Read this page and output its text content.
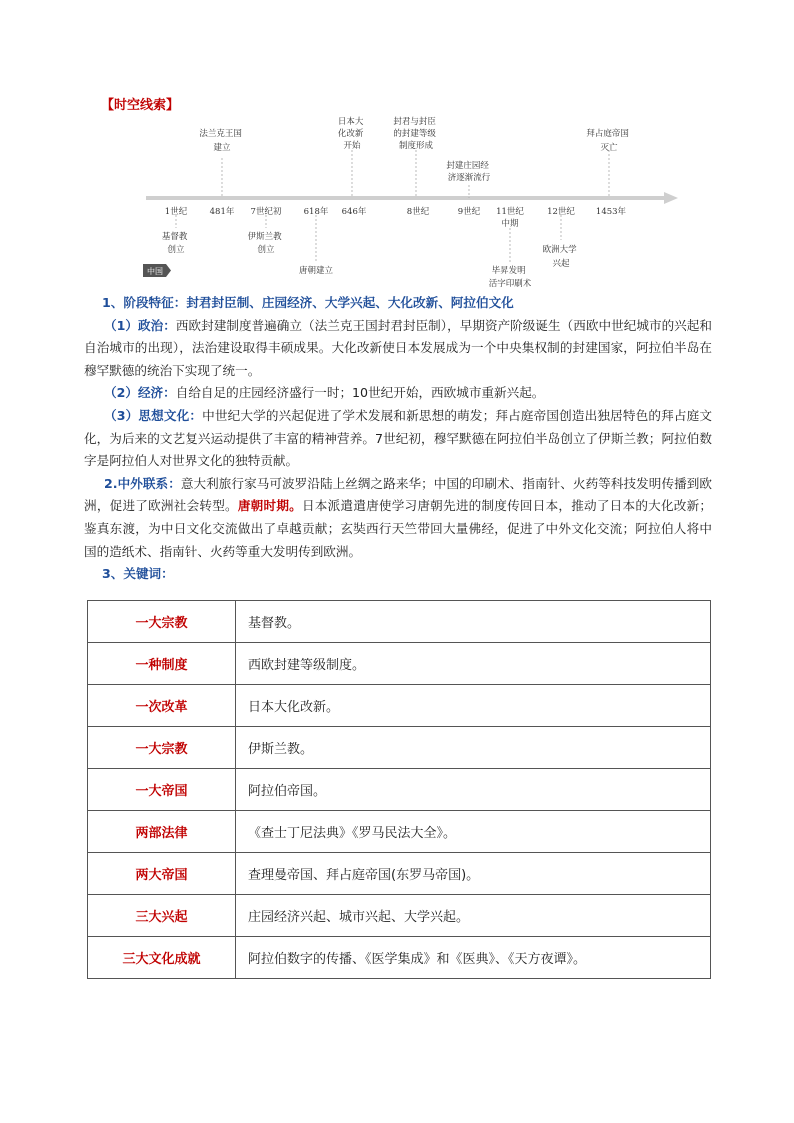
【时空线索】
法兰克王国 建立
日本大 化改新 开始
封君与封臣 的封建等级 制度形成
封建庄园经 济逐渐流行
拜占庭帝国 灭亡
1世纪	481年 7世纪初	618年 646年	8世纪	9世纪 11世纪
中期
12世纪 1453年
基督教 创立
伊斯兰教 创立
唐朝建立
欧洲大学 兴起
毕昇发明 活字印刷术
中国

1、阶段特征：封君封臣制、庄园经济、大学兴起、大化改新、阿拉伯文化

（1）政治：西欧封建制度普遍确立（法兰克王国封君封臣制），早期资产阶级诞生（西欧中世纪城市的兴起和自治城市的出现），法治建设取得丰硕成果。大化改新使日本发展成为一个中央集权制的封建国家，阿拉伯半岛在穆罕默德的统治下实现了统一。

（2）经济：自给自足的庄园经济盛行一时；10世纪开始，西欧城市重新兴起。

（3）思想文化：中世纪大学的兴起促进了学术发展和新思想的萌发；拜占庭帝国创造出独居特色的拜占庭文化，为后来的文艺复兴运动提供了丰富的精神营养。7世纪初，穆罕默德在阿拉伯半岛创立了伊斯兰教；阿拉伯数字是阿拉伯人对世界文化的独特贡献。

2.中外联系：意大利旅行家马可波罗沿陆上丝绸之路来华；中国的印刷术、指南针、火药等科技发明传播到欧洲，促进了欧洲社会转型。唐朝时期。日本派遣遣唐使学习唐朝先进的制度传回日本，推动了日本的大化改新；鉴真东渡，为中日文化交流做出了卓越贡献；玄奘西行天竺带回大量佛经，促进了中外文化交流；阿拉伯人将中国的造纸术、指南针、火药等重大发明传到欧洲。

3、关键词：

一大宗教	基督教。
一种制度	西欧封建等级制度。
一次改革	日本大化改新。
一大宗教	伊斯兰教。
一大帝国	阿拉伯帝国。
两部法律	《查士丁尼法典》《罗马民法大全》。
两大帝国	查理曼帝国、拜占庭帝国(东罗马帝国)。
三大兴起	庄园经济兴起、城市兴起、大学兴起。
三大文化成就	阿拉伯数字的传播、《医学集成》和《医典》、《天方夜谭》。
